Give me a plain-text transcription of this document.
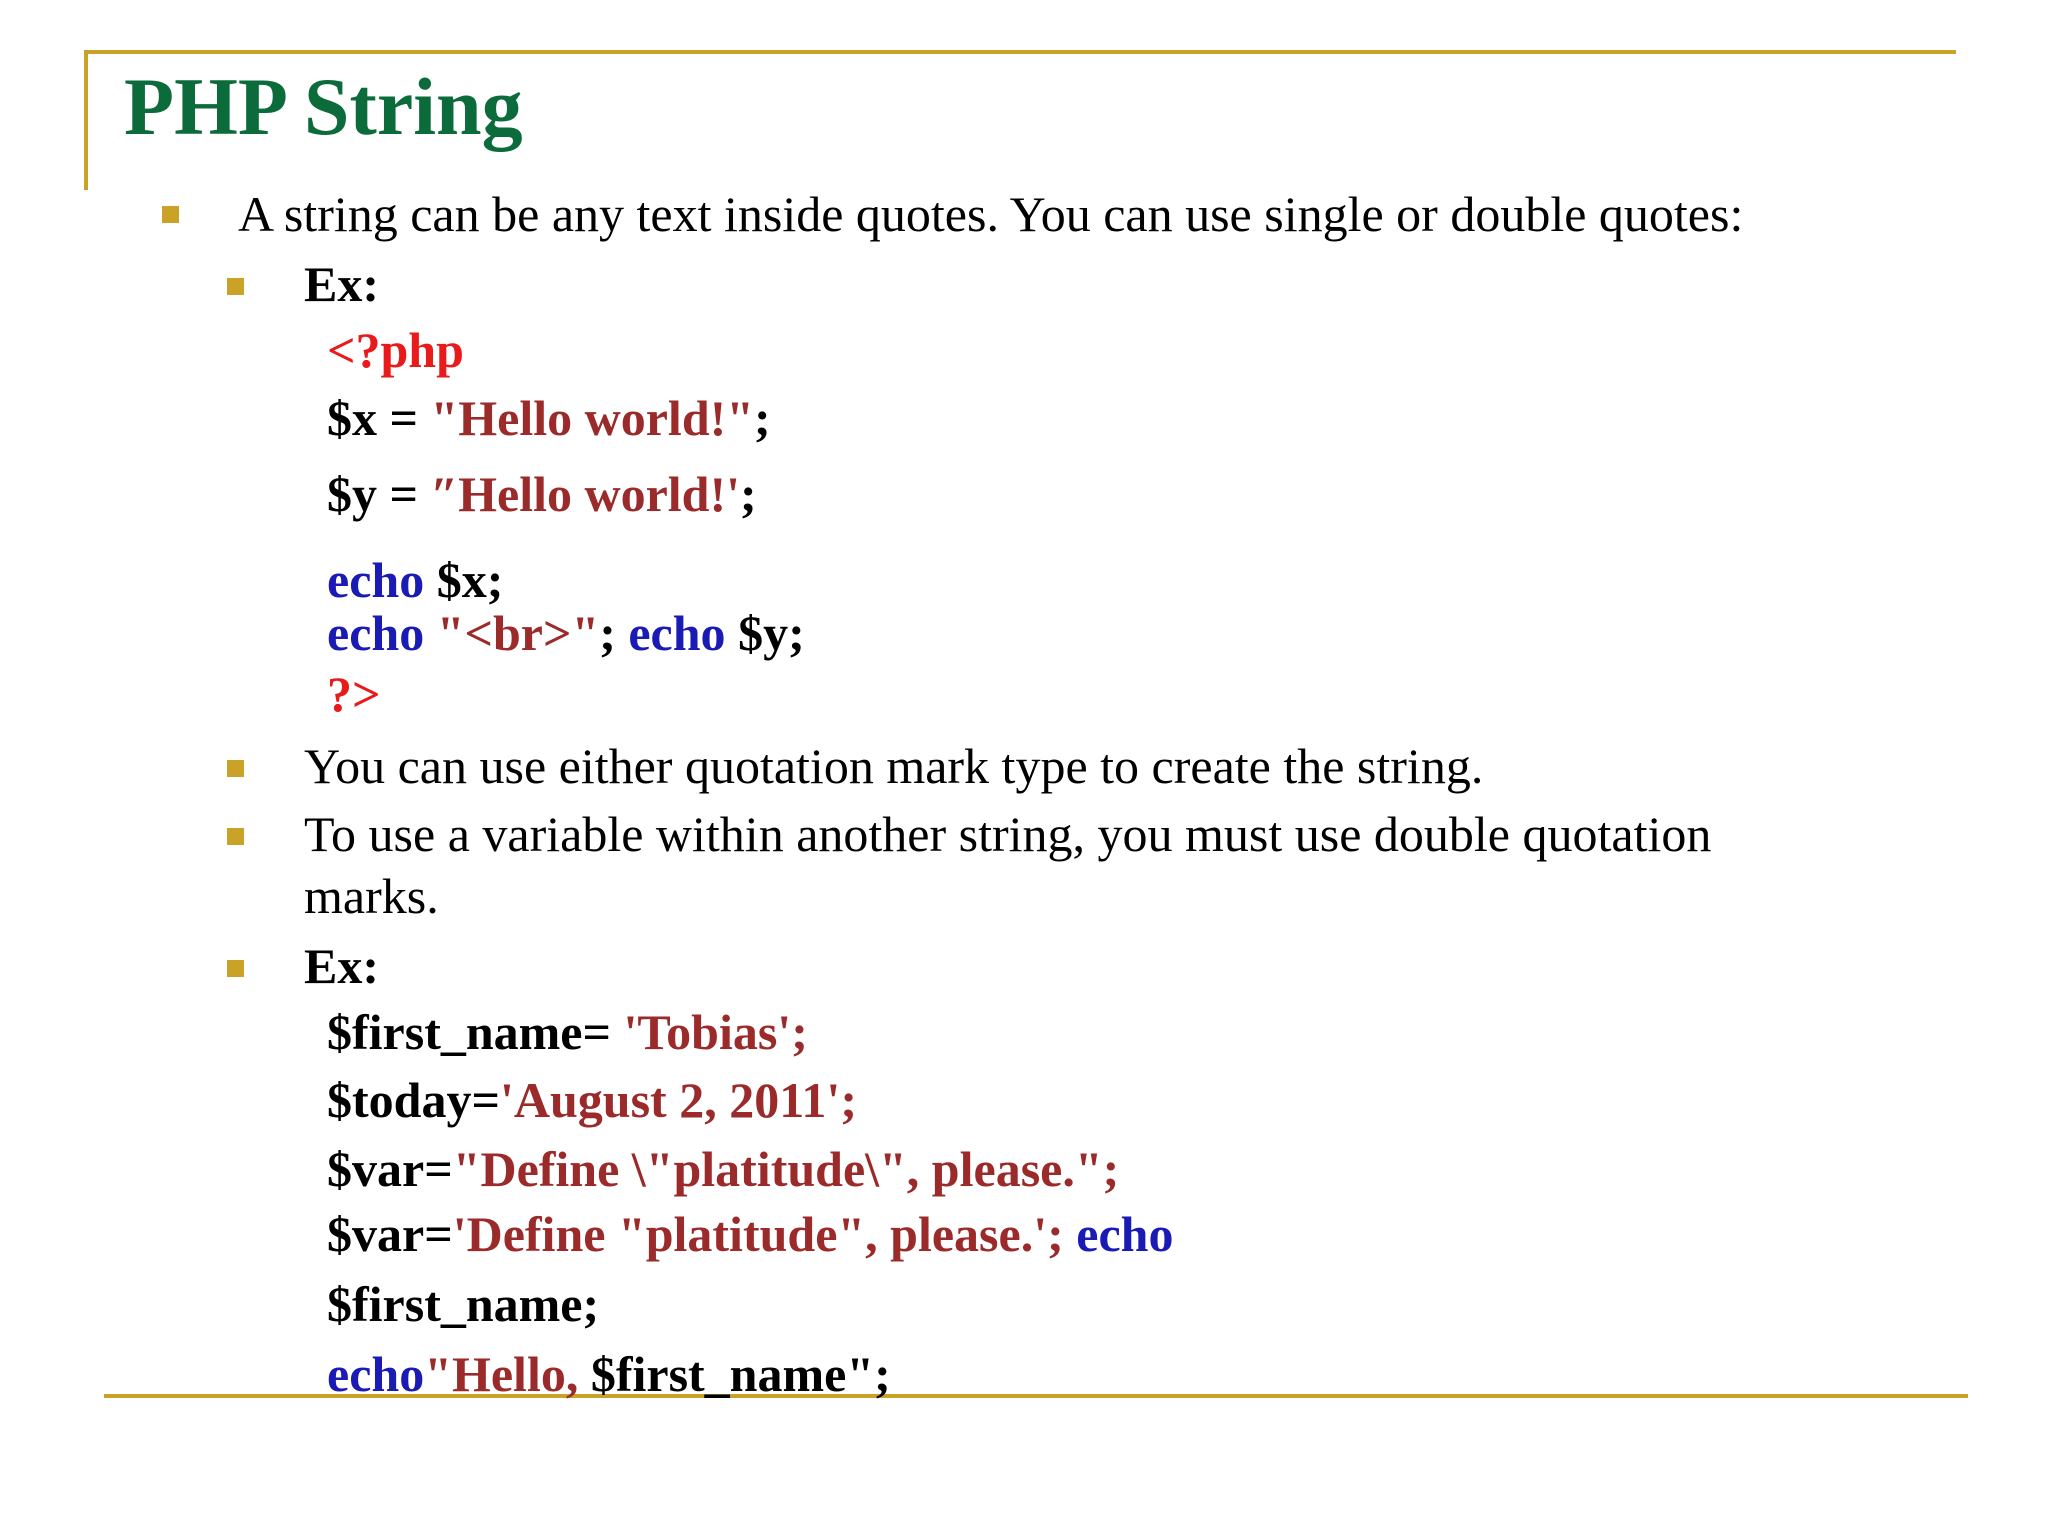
PHP String
A string can be any text inside quotes. You can use single or double quotes:
Ex:
<?php
$x = "Hello world!";
$y = ″Hello world!';
echo $x;
echo "<br>"; echo $y;
?>
You can use either quotation mark type to create the string.
To use a variable within another string, you must use double quotation
marks.
Ex:
$first_name= 'Tobias';
$today='August 2, 2011';
$var="Define \"platitude\", please.";
$var='Define "platitude", please.'; echo
$first_name;
echo"Hello, $first_name";
